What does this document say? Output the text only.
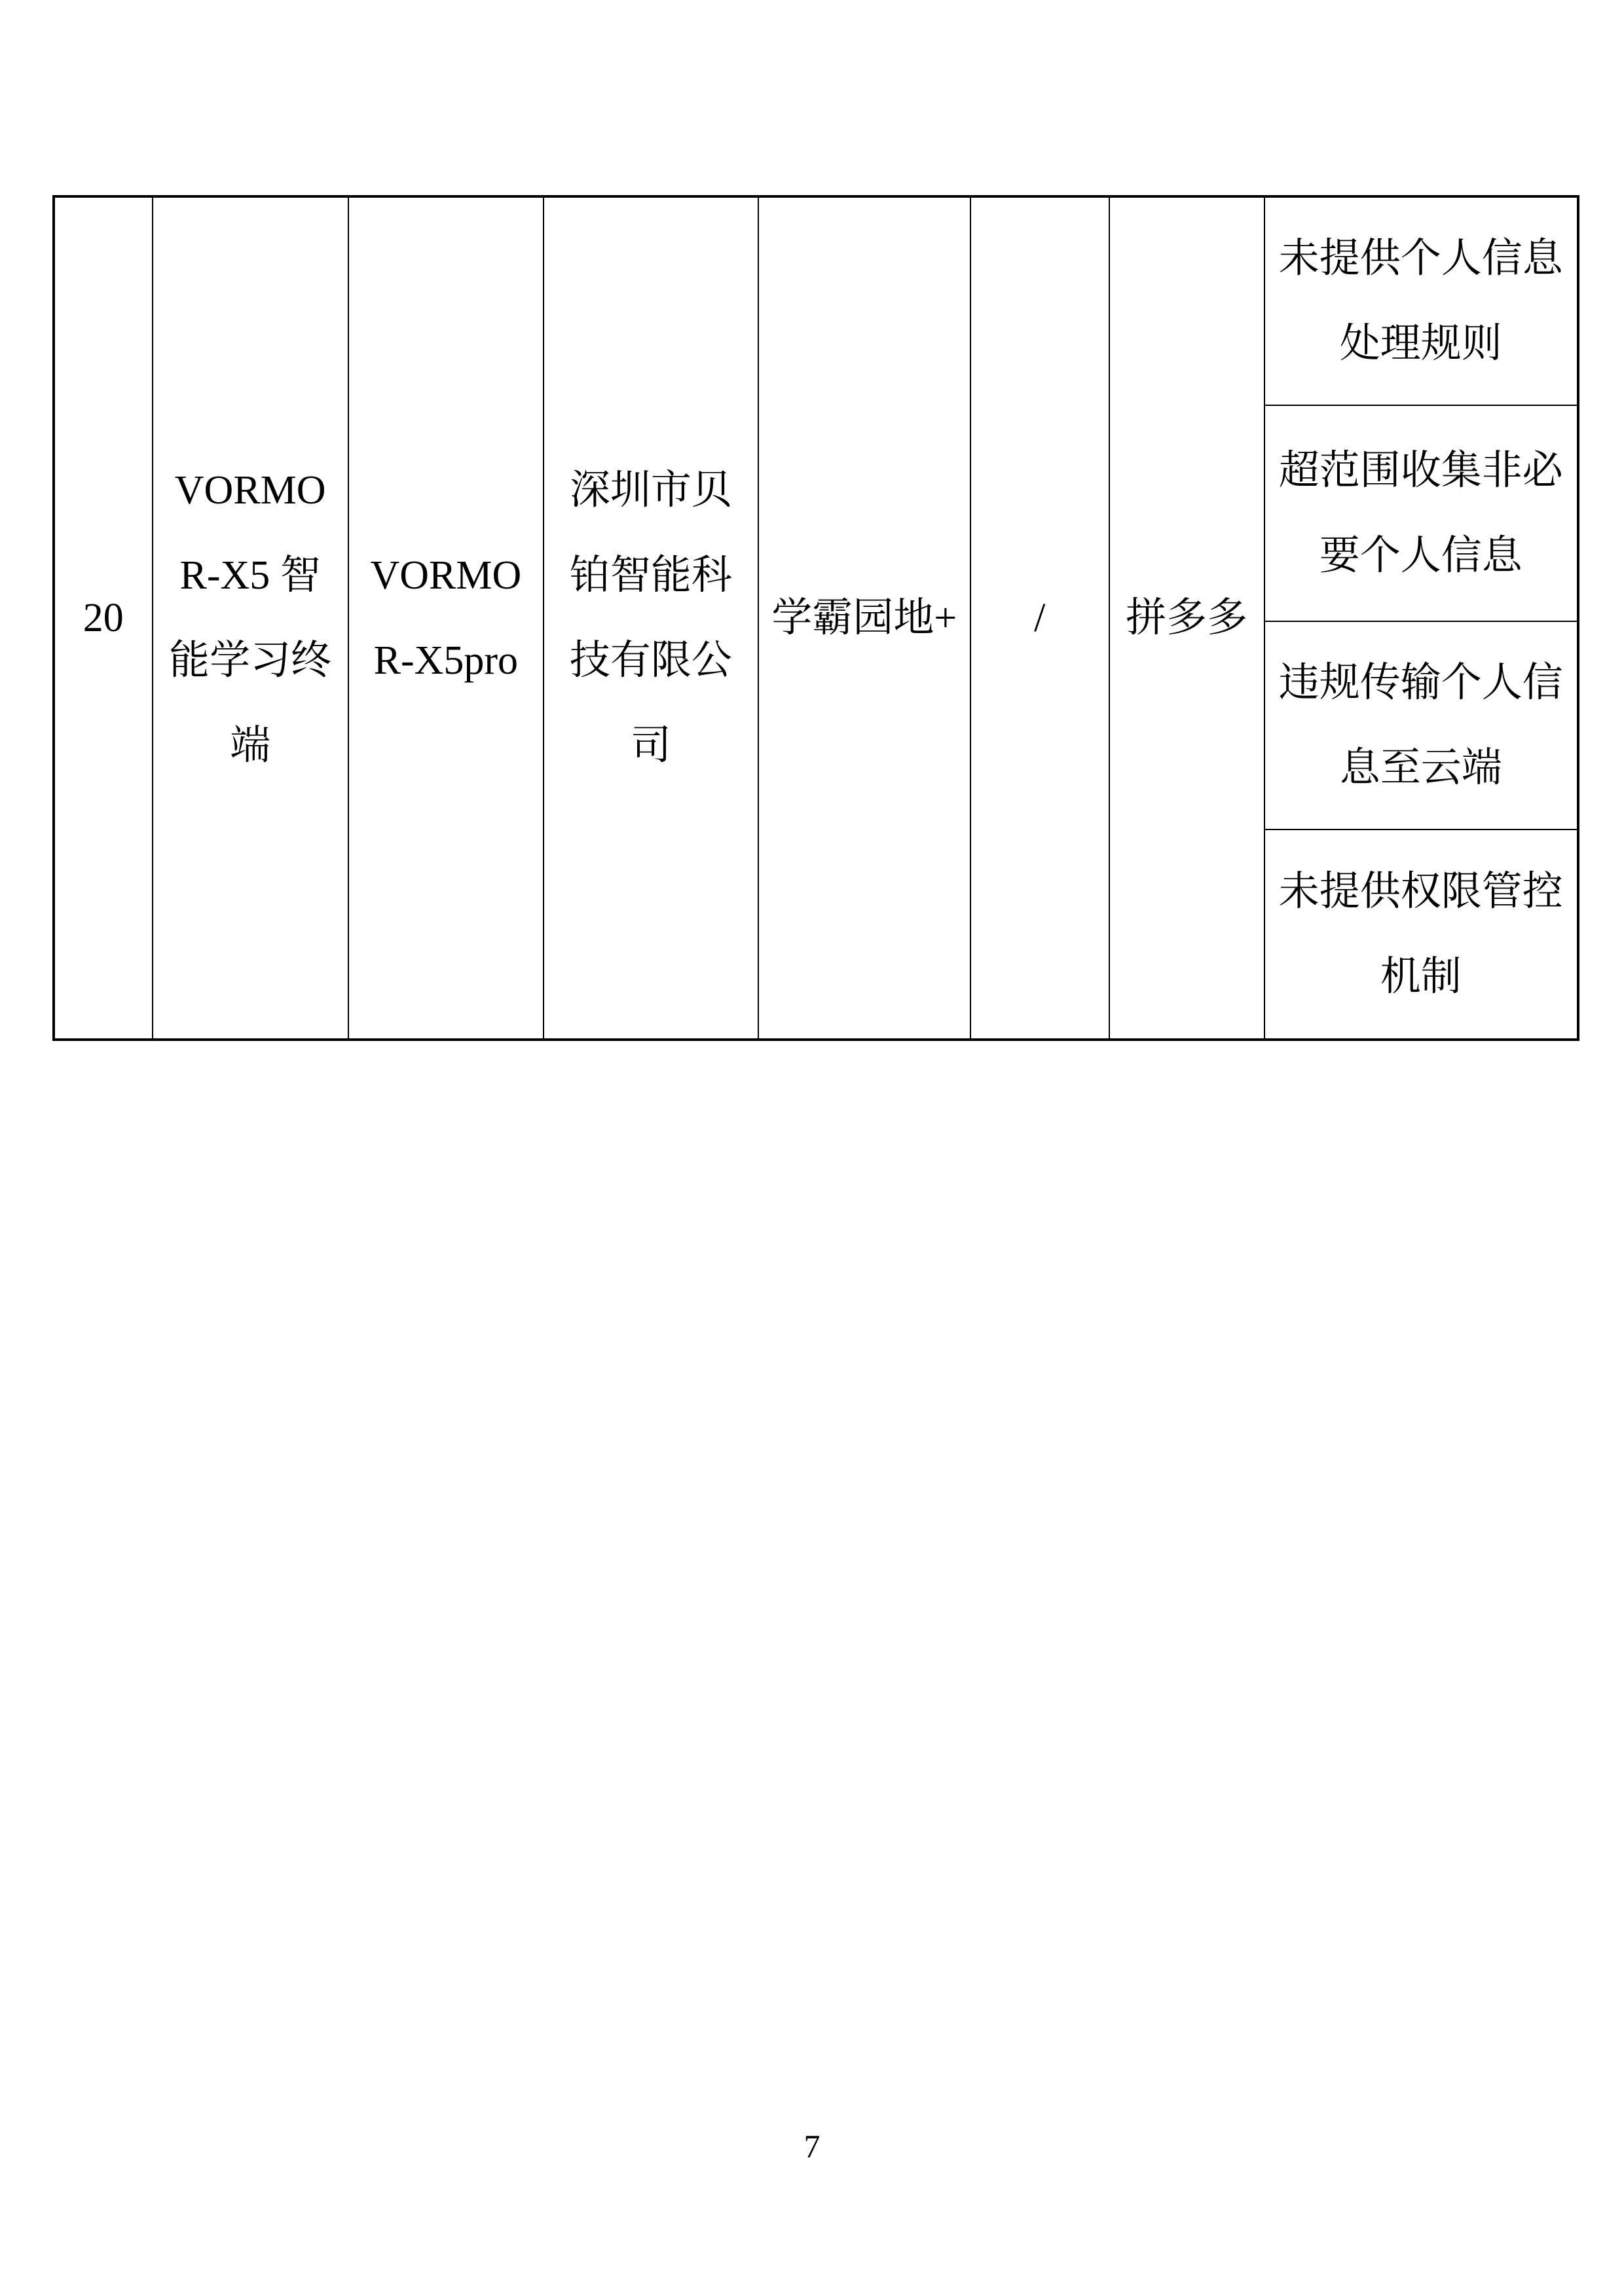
20
VORMO
R-X5 智
能学习终
端
VORMO
R-X5pro
深圳市贝
铂智能科
技有限公
司
学霸园地+ / 拼多多
未提供个人信息
处理规则
超范围收集非必
要个人信息
违规传输个人信
息至云端
未提供权限管控
机制
7
